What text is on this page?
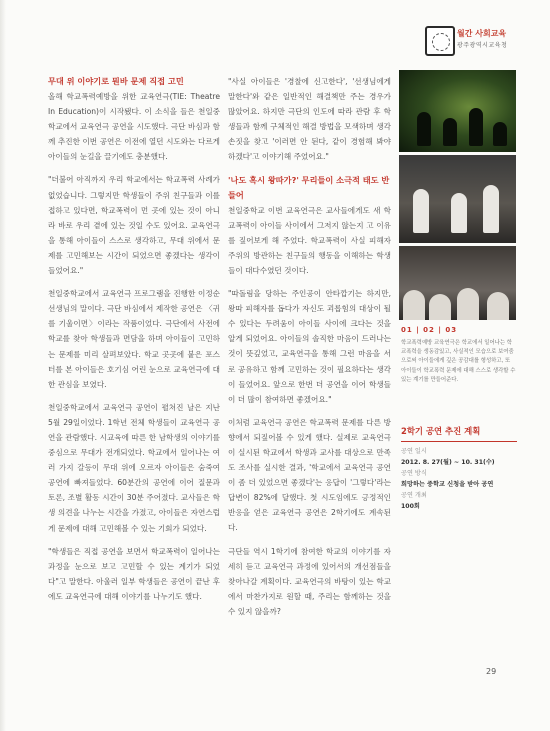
월간 사회교육
광주광역시교육청

무대 위 이야기로 뭔바 문제 직접 고민

올해 학교폭력예방을 위한 교육연극(TIE: Theatre In Education)이 시작됐다. 이 소식을 들은 천일중학교에서 교육연극 공연을 시도했다. 극단 바심과 함께 추진한 이번 공연은 이전에 열던 시도와는 다르게 아이들의 눈길을 끌기에도 충분했다.

"더불어 아직까지 우리 학교에서는 학교폭력 사례가 없었습니다. 그렇지만 학생들이 주위 친구들과 이를 접하고 있다면, 학교폭력이 먼 곳에 있는 것이 아니라 바로 우리 곁에 있는 것일 수도 있어요. 교육연극을 통해 아이들이 스스로 생각하고, 무대 위에서 문제를 고민해보는 시간이 되었으면 좋겠다는 생각이 들었어요."

천일중학교에서 교육연극 프로그램을 진행한 이정순 선생님의 말이다. 극단 바심에서 제작한 공연은 〈귀를 기울이면〉이라는 작품이었다. 극단에서 사전에 학교를 찾아 학생들과 면담을 하며 아이들이 고민하는 문제를 미리 살펴보았다. 학교 곳곳에 붙은 포스터를 본 아이들은 호기심 어린 눈으로 교육연극에 대한 관심을 보였다.

천일중학교에서 교육연극 공연이 펼쳐진 날은 지난 5월 29일이었다. 1학년 전체 학생들이 교육연극 공연을 관람했다. 시교육에 따른 한 남학생의 이야기를 중심으로 무대가 전개되었다. 학교에서 일어나는 여러 가지 갈등이 무대 위에 오르자 아이들은 숨죽여 공연에 빠져들었다. 60분간의 공연에 이어 질문과 토론, 조별 활동 시간이 30분 주어졌다. 교사들은 학생 의견을 나누는 시간을 가졌고, 아이들은 자연스럽게 문제에 대해 고민해볼 수 있는 기회가 되었다.

"학생들은 직접 공연을 보면서 학교폭력이 일어나는 과정을 눈으로 보고 고민할 수 있는 계기가 되었다"고 말한다. 아울러 일부 학생들은 공연이 끝난 후에도 교육연극에 대해 이야기를 나누기도 했다.

"사실 아이들은 '경찰에 신고한다', '선생님에게 말한다'와 같은 일반적인 해결책만 주는 경우가 많았어요. 하지만 극단의 인도에 따라 관람 후 학생들과 함께 구체적인 해결 방법을 모색하며 생각 손짓을 찾고 '이러면 안 된다, 같이 경험해 봐야 하겠다'고 이야기해 주었어요."

'나도 혹시 왕따가?' 무리들이 소극적 태도 반들어

천일중학교 이번 교육연극은 교사들에게도 새 학교폭력이 아이들 사이에서 그저지 않는지 고 이유를 짚어보게 해 주었다. 학교폭력이 사실 피해자 주위의 방관하는 친구들의 행동을 이해하는 학생들이 대다수였던 것이다.

"따돌림을 당하는 주인공이 안타깝기는 하지만, 왕따 피해자를 돕다가 자신도 괴롭힘의 대상이 될 수 있다는 두려움이 아이들 사이에 크다는 것을 알게 되었어요. 아이들의 솔직한 마음이 드러나는 것이 뜻깊었고, 교육연극을 통해 그런 마음을 서로 공유하고 함께 고민하는 것이 필요하다는 생각이 들었어요. 앞으로 한번 더 공연을 이어 학생들이 더 많이 참여하면 좋겠어요."

이처럼 교육연극 공연은 학교폭력 문제를 다른 방향에서 되짚어볼 수 있게 했다. 실제로 교육연극이 실시된 학교에서 학생과 교사를 대상으로 만족도 조사를 실시한 결과, '학교에서 교육연극 공연이 좀 더 있었으면 좋겠다'는 응답이 '그렇다'라는 답변이 82%에 달했다. 첫 시도임에도 긍정적인 반응을 얻은 교육연극 공연은 2학기에도 계속된다.

극단들 역시 1학기에 참여한 학교의 이야기를 자세히 듣고 교육연극 과정에 있어서의 개선점들을 찾아나갈 계획이다. 교육연극의 바탕이 있는 학교에서 마찬가지로 원할 때, 주리는 함께하는 것을 수 있지 않을까?

01 | 02 | 03
학교폭력예방 교육연극은 학교에서 일어나는 학교폭력을 생동감있고, 사실적인 모습으로 보여줌으로써 아이들에게 깊은 공감대를 형성하고, 또 아이들이 학교폭력 문제에 대해 스스로 생각할 수 있는 계기를 만들어준다.
2학기 공연 추진 계획
공연 일시
2012. 8. 27(월) ~ 10. 31(수)
공연 방식
희망하는 중학교 신청을 받아 공연
공연 개최
100회
29
